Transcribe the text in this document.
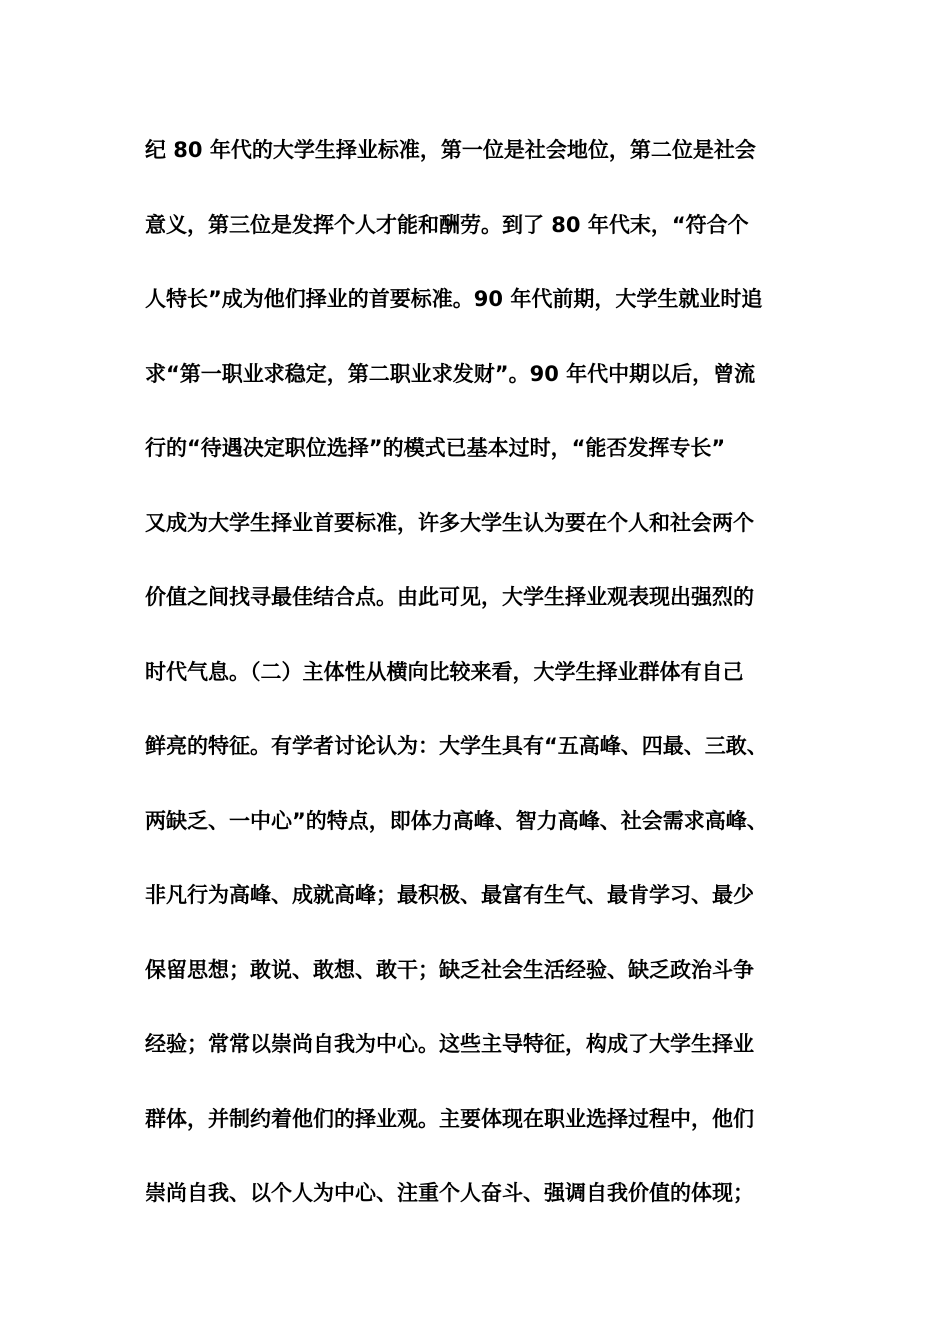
纪 80 年代的大学生择业标准，第一位是社会地位，第二位是社会
意义，第三位是发挥个人才能和酬劳。到了 80 年代末，“符合个
人特长”成为他们择业的首要标准。90 年代前期，大学生就业时追
求“第一职业求稳定，第二职业求发财”。90 年代中期以后，曾流
行的“待遇决定职位选择”的模式已基本过时，“能否发挥专长”
又成为大学生择业首要标准，许多大学生认为要在个人和社会两个
价值之间找寻最佳结合点。由此可见，大学生择业观表现出强烈的
时代气息。（二）主体性从横向比较来看，大学生择业群体有自己
鲜亮的特征。有学者讨论认为：大学生具有“五高峰、四最、三敢、
两缺乏、一中心”的特点，即体力高峰、智力高峰、社会需求高峰、
非凡行为高峰、成就高峰；最积极、最富有生气、最肯学习、最少
保留思想；敢说、敢想、敢干；缺乏社会生活经验、缺乏政治斗争
经验；常常以崇尚自我为中心。这些主导特征，构成了大学生择业
群体，并制约着他们的择业观。主要体现在职业选择过程中，他们
崇尚自我、以个人为中心、注重个人奋斗、强调自我价值的体现；
